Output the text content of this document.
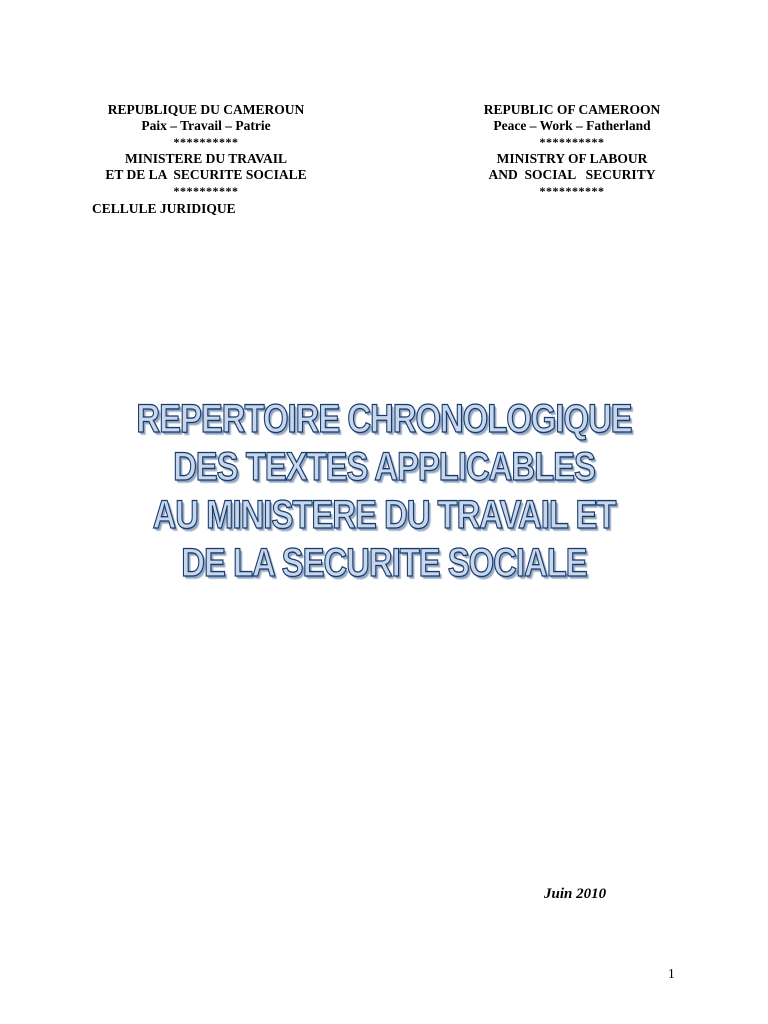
REPUBLIQUE DU CAMEROUN
Paix – Travail – Patrie
**********
MINISTERE DU TRAVAIL
ET DE LA  SECURITE SOCIALE
**********
CELLULE JURIDIQUE
REPUBLIC OF CAMEROON
Peace – Work – Fatherland
**********
MINISTRY OF LABOUR
AND  SOCIAL   SECURITY
**********
REPERTOIRE CHRONOLOGIQUE
DES TEXTES APPLICABLES
AU MINISTERE DU TRAVAIL ET
DE LA SECURITE SOCIALE
Juin 2010
1
